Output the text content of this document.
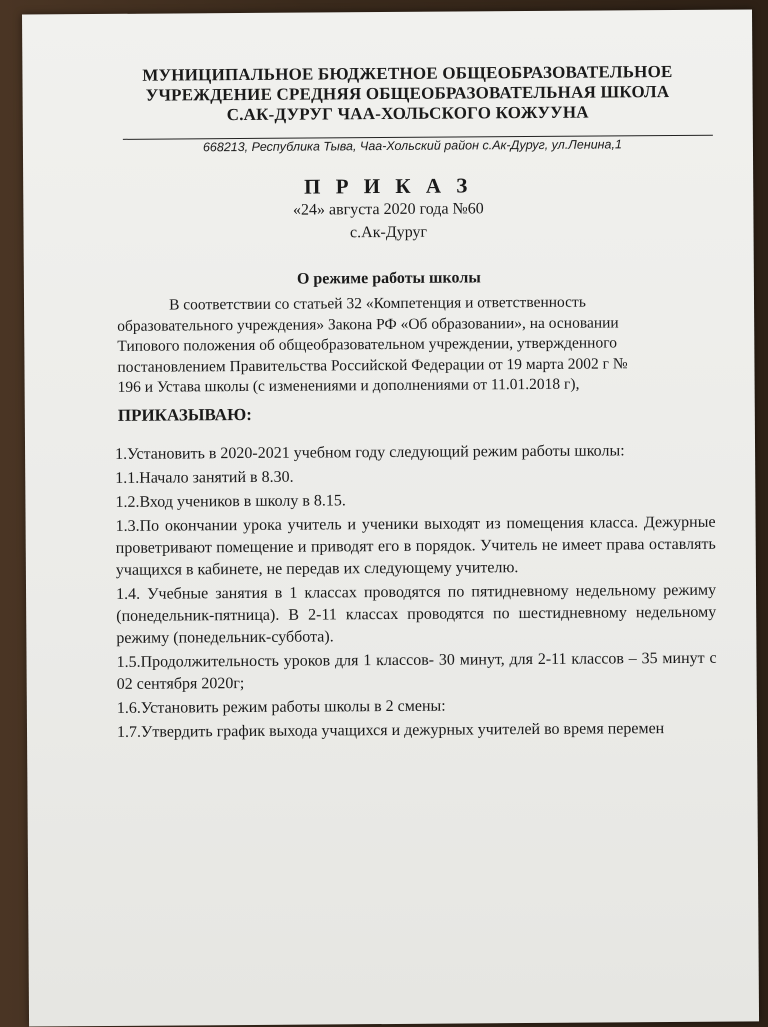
МУНИЦИПАЛЬНОЕ БЮДЖЕТНОЕ ОБЩЕОБРАЗОВАТЕЛЬНОЕ
УЧРЕЖДЕНИЕ СРЕДНЯЯ ОБЩЕОБРАЗОВАТЕЛЬНАЯ ШКОЛА
С.АК-ДУРУГ ЧАА-ХОЛЬСКОГО КОЖУУНА
668213, Республика Тыва, Чаа-Хольский район с.Ак-Дуруг, ул.Ленина,1
П Р И К А З
«24» августа 2020 года №60
с.Ак-Дуруг
О режиме работы школы
В соответствии со статьей 32 «Компетенция и ответственность
образовательного учреждения» Закона РФ «Об образовании», на основании
Типового положения об общеобразовательном учреждении, утвержденного
постановлением Правительства Российской Федерации от 19 марта 2002 г №
196 и Устава школы (с изменениями и дополнениями от 11.01.2018 г),
ПРИКАЗЫВАЮ:
1.Установить в 2020-2021 учебном году следующий режим работы школы:
1.1.Начало занятий в 8.30.
1.2.Вход учеников в школу в 8.15.
1.3.По окончании урока учитель и ученики выходят из помещения класса. Дежурные проветривают помещение и приводят его в порядок. Учитель не имеет права оставлять учащихся в кабинете, не передав их следующему учителю.
1.4. Учебные занятия в 1 классах проводятся по пятидневному недельному режиму (понедельник-пятница). В 2-11 классах проводятся по шестидневному недельному режиму (понедельник-суббота).
1.5.Продолжительность уроков для 1 классов- 30 минут, для 2-11 классов – 35 минут с 02 сентября 2020г;
1.6.Установить режим работы школы в 2 смены:
1.7.Утвердить график выхода учащихся и дежурных учителей во время перемен
